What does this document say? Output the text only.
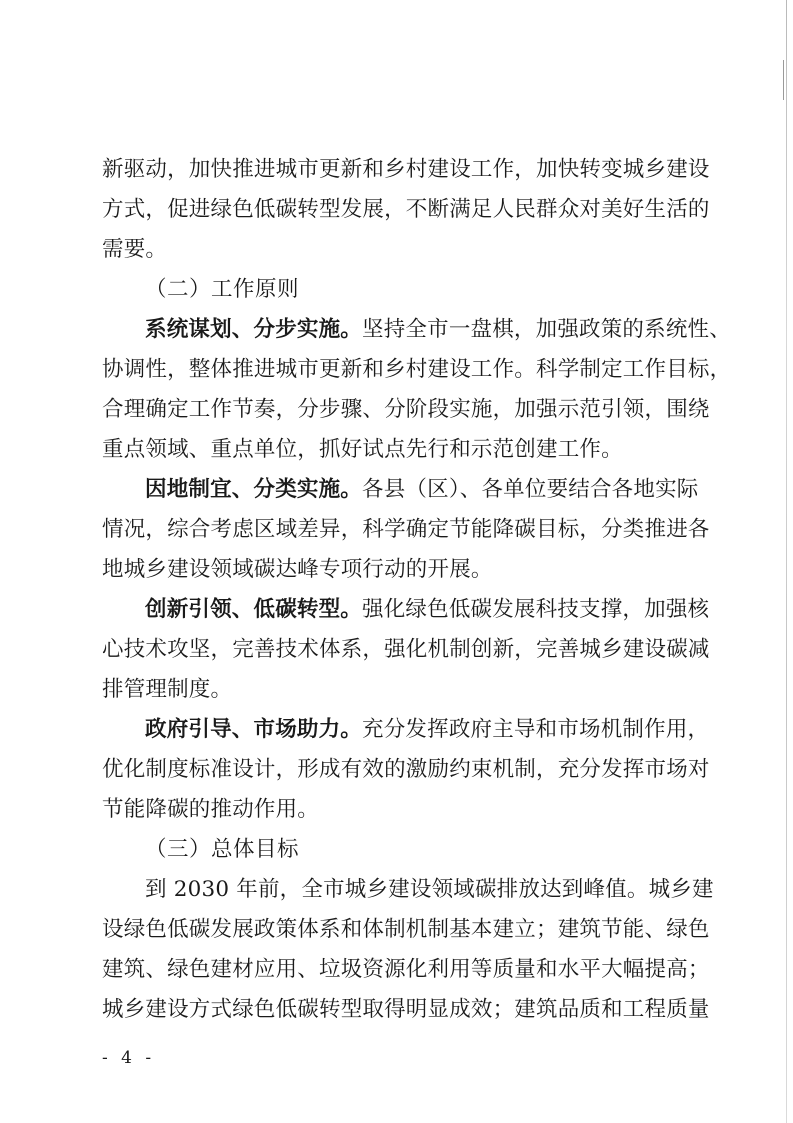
新驱动，加快推进城市更新和乡村建设工作，加快转变城乡建设
方式，促进绿色低碳转型发展，不断满足人民群众对美好生活的
需要。
（二）工作原则
系统谋划、分步实施。坚持全市一盘棋，加强政策的系统性、
协调性，整体推进城市更新和乡村建设工作。科学制定工作目标，
合理确定工作节奏，分步骤、分阶段实施，加强示范引领，围绕
重点领域、重点单位，抓好试点先行和示范创建工作。
因地制宜、分类实施。各县（区）、各单位要结合各地实际
情况，综合考虑区域差异，科学确定节能降碳目标，分类推进各
地城乡建设领域碳达峰专项行动的开展。
创新引领、低碳转型。强化绿色低碳发展科技支撑，加强核
心技术攻坚，完善技术体系，强化机制创新，完善城乡建设碳减
排管理制度。
政府引导、市场助力。充分发挥政府主导和市场机制作用，
优化制度标准设计，形成有效的激励约束机制，充分发挥市场对
节能降碳的推动作用。
（三）总体目标
到 2030 年前，全市城乡建设领域碳排放达到峰值。城乡建
设绿色低碳发展政策体系和体制机制基本建立；建筑节能、绿色
建筑、绿色建材应用、垃圾资源化利用等质量和水平大幅提高；
城乡建设方式绿色低碳转型取得明显成效；建筑品质和工程质量
- 4 -
